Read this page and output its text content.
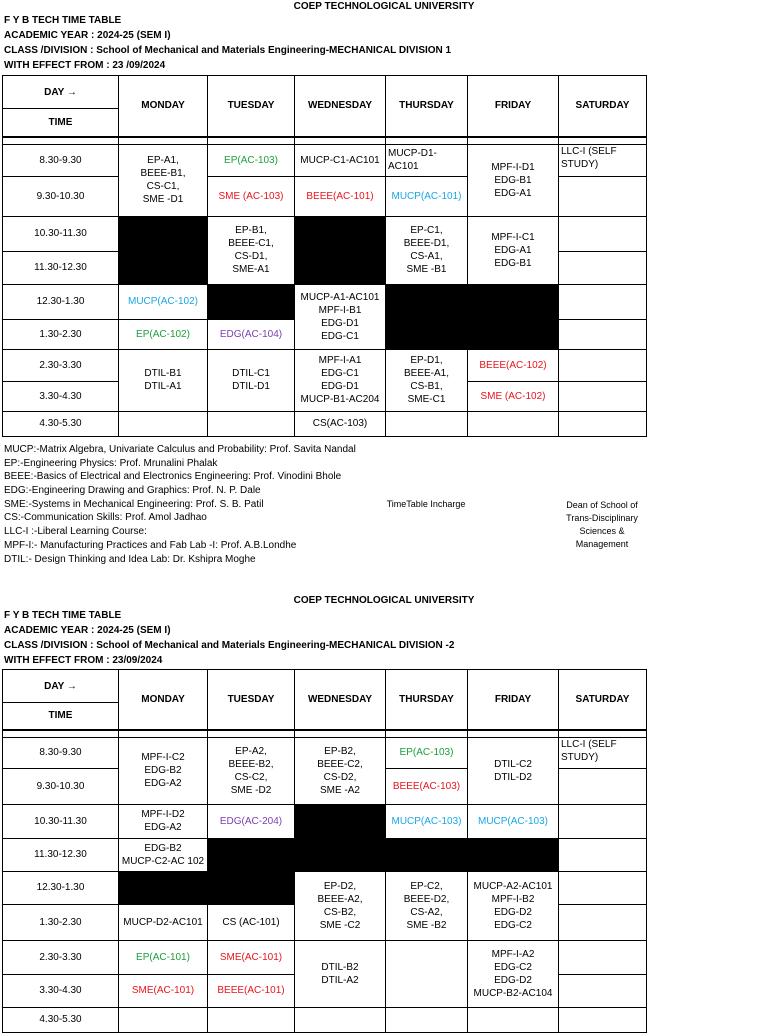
COEP TECHNOLOGICAL UNIVERSITY
F Y B TECH TIME TABLE
ACADEMIC YEAR : 2024-25 (SEM I)
CLASS /DIVISION : School of Mechanical and Materials Engineering-MECHANICAL DIVISION 1
WITH EFFECT FROM : 23 /09/2024
DAY →	MONDAY	TUESDAY	WEDNESDAY	THURSDAY	FRIDAY	SATURDAY
TIME						

8.30-9.30	EP-A1,
BEEE-B1,
CS-C1,
SME -D1	EP(AC-103)	MUCP-C1-AC101	MUCP-D1-
AC101	MPF-I-D1
EDG-B1
EDG-A1	LLC-I (SELF
STUDY)
9.30-10.30		SME (AC-103)	BEEE(AC-101)	MUCP(AC-101)		
10.30-11.30		EP-B1,
BEEE-C1,
CS-D1,
SME-A1		EP-C1,
BEEE-D1,
CS-A1,
SME -B1	MPF-I-C1
EDG-A1
EDG-B1	
11.30-12.30						
12.30-1.30	MUCP(AC-102)		MUCP-A1-AC101
MPF-I-B1
EDG-D1
EDG-C1			
1.30-2.30	EP(AC-102)	EDG(AC-104)				
2.30-3.30	DTIL-B1
DTIL-A1	DTIL-C1
DTIL-D1	MPF-I-A1
EDG-C1
EDG-D1
MUCP-B1-AC204	EP-D1,
BEEE-A1,
CS-B1,
SME-C1	BEEE(AC-102)	
3.30-4.30					SME (AC-102)	
4.30-5.30			CS(AC-103)			
MUCP:-Matrix Algebra, Univariate Calculus and Probability: Prof. Savita Nandal
EP:-Engineering Physics: Prof. Mrunalini Phalak
BEEE:-Basics of Electrical and Electronics Engineering: Prof. Vinodini Bhole
EDG:-Engineering Drawing and Graphics: Prof. N. P. Dale
SME:-Systems in Mechanical Engineering: Prof. S. B. Patil
CS:-Communication Skills: Prof. Amol Jadhao
LLC-I :-Liberal Learning Course:
MPF-I:- Manufacturing Practices and Fab Lab -I: Prof. A.B.Londhe
DTIL:- Design Thinking and Idea Lab: Dr. Kshipra Moghe
TimeTable Incharge	Dean of School of
Trans-Disciplinary
Sciences &
Management
COEP TECHNOLOGICAL UNIVERSITY
F Y B TECH TIME TABLE
ACADEMIC YEAR : 2024-25 (SEM I)
CLASS /DIVISION : School of Mechanical and Materials Engineering-MECHANICAL DIVISION -2
WITH EFFECT FROM : 23/09/2024
DAY →	MONDAY	TUESDAY	WEDNESDAY	THURSDAY	FRIDAY	SATURDAY
TIME						

8.30-9.30	MPF-I-C2
EDG-B2
EDG-A2	EP-A2,
BEEE-B2,
CS-C2,
SME -D2	EP-B2,
BEEE-C2,
CS-D2,
SME -A2	EP(AC-103)	DTIL-C2
DTIL-D2	LLC-I (SELF
STUDY)
9.30-10.30				BEEE(AC-103)		
10.30-11.30	MPF-I-D2
EDG-A2	EDG(AC-204)		MUCP(AC-103)	MUCP(AC-103)	
11.30-12.30	EDG-B2
MUCP-C2-AC 102					
12.30-1.30			EP-D2,
BEEE-A2,
CS-B2,
SME -C2	EP-C2,
BEEE-D2,
CS-A2,
SME -B2	MUCP-A2-AC101
MPF-I-B2
EDG-D2
EDG-C2	
1.30-2.30	MUCP-D2-AC101	CS (AC-101)				
2.30-3.30	EP(AC-101)	SME(AC-101)	DTIL-B2
DTIL-A2		MPF-I-A2
EDG-C2
EDG-D2
MUCP-B2-AC104	
3.30-4.30	SME(AC-101)	BEEE(AC-101)				
4.30-5.30						
